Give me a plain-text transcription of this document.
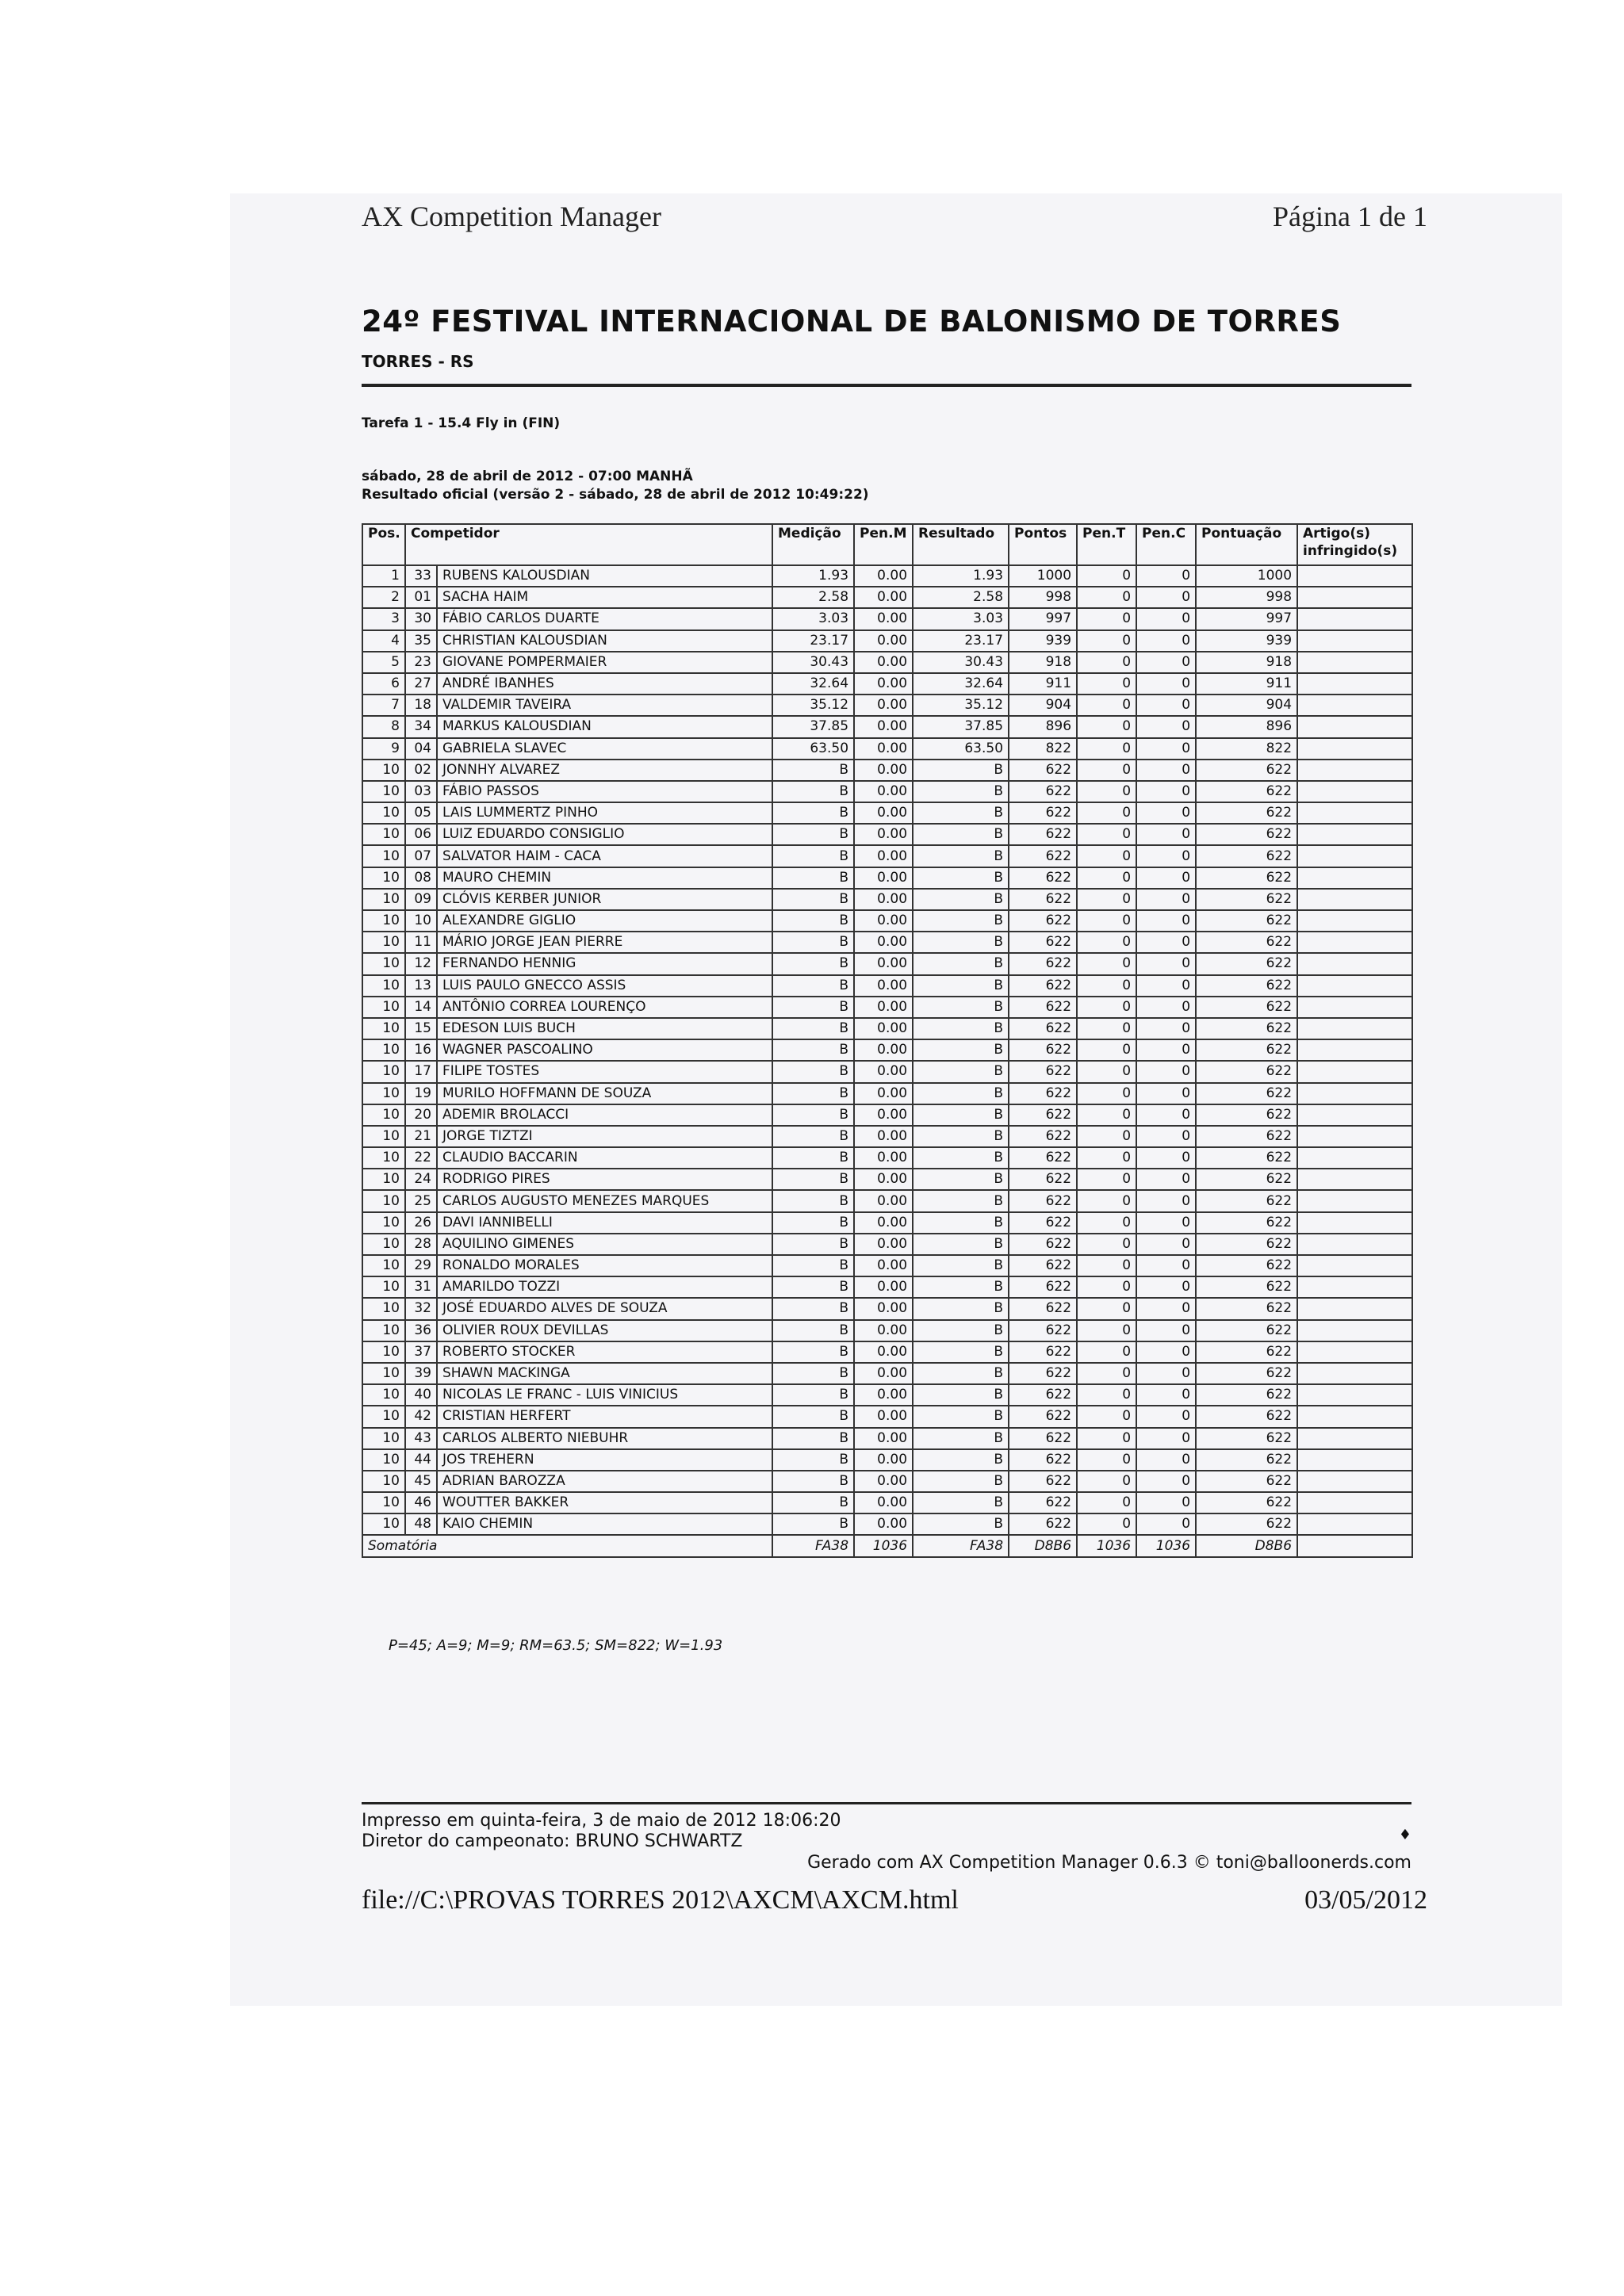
AX Competition Manager	Página 1 de 1
24º FESTIVAL INTERNACIONAL DE BALONISMO DE TORRES
TORRES - RS
Tarefa 1 - 15.4 Fly in (FIN)
sábado, 28 de abril de 2012 - 07:00 MANHÃ
Resultado oficial (versão 2 - sábado, 28 de abril de 2012 10:49:22)
Pos.	Competidor		Medição	Pen.M	Resultado	Pontos	Pen.T	Pen.C	Pontuação	Artigo(s) infringido(s)
1	33	RUBENS KALOUSDIAN	1.93	0.00	1.93	1000	0	0	1000	
2	01	SACHA HAIM	2.58	0.00	2.58	998	0	0	998	
3	30	FÁBIO CARLOS DUARTE	3.03	0.00	3.03	997	0	0	997	
4	35	CHRISTIAN KALOUSDIAN	23.17	0.00	23.17	939	0	0	939	
5	23	GIOVANE POMPERMAIER	30.43	0.00	30.43	918	0	0	918	
6	27	ANDRÉ IBANHES	32.64	0.00	32.64	911	0	0	911	
7	18	VALDEMIR TAVEIRA	35.12	0.00	35.12	904	0	0	904	
8	34	MARKUS KALOUSDIAN	37.85	0.00	37.85	896	0	0	896	
9	04	GABRIELA SLAVEC	63.50	0.00	63.50	822	0	0	822	
10	02	JONNHY ALVAREZ	B	0.00	B	622	0	0	622	
10	03	FÁBIO PASSOS	B	0.00	B	622	0	0	622	
10	05	LAIS LUMMERTZ PINHO	B	0.00	B	622	0	0	622	
10	06	LUIZ EDUARDO CONSIGLIO	B	0.00	B	622	0	0	622	
10	07	SALVATOR HAIM - CACA	B	0.00	B	622	0	0	622	
10	08	MAURO CHEMIN	B	0.00	B	622	0	0	622	
10	09	CLÓVIS KERBER JUNIOR	B	0.00	B	622	0	0	622	
10	10	ALEXANDRE GIGLIO	B	0.00	B	622	0	0	622	
10	11	MÁRIO JORGE JEAN PIERRE	B	0.00	B	622	0	0	622	
10	12	FERNANDO HENNIG	B	0.00	B	622	0	0	622	
10	13	LUIS PAULO GNECCO ASSIS	B	0.00	B	622	0	0	622	
10	14	ANTÔNIO CORREA LOURENÇO	B	0.00	B	622	0	0	622	
10	15	EDESON LUIS BUCH	B	0.00	B	622	0	0	622	
10	16	WAGNER PASCOALINO	B	0.00	B	622	0	0	622	
10	17	FILIPE TOSTES	B	0.00	B	622	0	0	622	
10	19	MURILO HOFFMANN DE SOUZA	B	0.00	B	622	0	0	622	
10	20	ADEMIR BROLACCI	B	0.00	B	622	0	0	622	
10	21	JORGE TIZTZI	B	0.00	B	622	0	0	622	
10	22	CLAUDIO BACCARIN	B	0.00	B	622	0	0	622	
10	24	RODRIGO PIRES	B	0.00	B	622	0	0	622	
10	25	CARLOS AUGUSTO MENEZES MARQUES	B	0.00	B	622	0	0	622	
10	26	DAVI IANNIBELLI	B	0.00	B	622	0	0	622	
10	28	AQUILINO GIMENES	B	0.00	B	622	0	0	622	
10	29	RONALDO MORALES	B	0.00	B	622	0	0	622	
10	31	AMARILDO TOZZI	B	0.00	B	622	0	0	622	
10	32	JOSÉ EDUARDO ALVES DE SOUZA	B	0.00	B	622	0	0	622	
10	36	OLIVIER ROUX DEVILLAS	B	0.00	B	622	0	0	622	
10	37	ROBERTO STOCKER	B	0.00	B	622	0	0	622	
10	39	SHAWN MACKINGA	B	0.00	B	622	0	0	622	
10	40	NICOLAS LE FRANC - LUIS VINICIUS	B	0.00	B	622	0	0	622	
10	42	CRISTIAN HERFERT	B	0.00	B	622	0	0	622	
10	43	CARLOS ALBERTO NIEBUHR	B	0.00	B	622	0	0	622	
10	44	JOS TREHERN	B	0.00	B	622	0	0	622	
10	45	ADRIAN BAROZZA	B	0.00	B	622	0	0	622	
10	46	WOUTTER BAKKER	B	0.00	B	622	0	0	622	
10	48	KAIO CHEMIN	B	0.00	B	622	0	0	622	
Somatória			FA38	1036	FA38	D8B6	1036	1036	D8B6	
P=45; A=9; M=9; RM=63.5; SM=822; W=1.93
Impresso em quinta-feira, 3 de maio de 2012 18:06:20
Diretor do campeonato: BRUNO SCHWARTZ	♦
Gerado com AX Competition Manager 0.6.3 © toni@balloonerds.com
file://C:\PROVAS TORRES 2012\AXCM\AXCM.html	03/05/2012
